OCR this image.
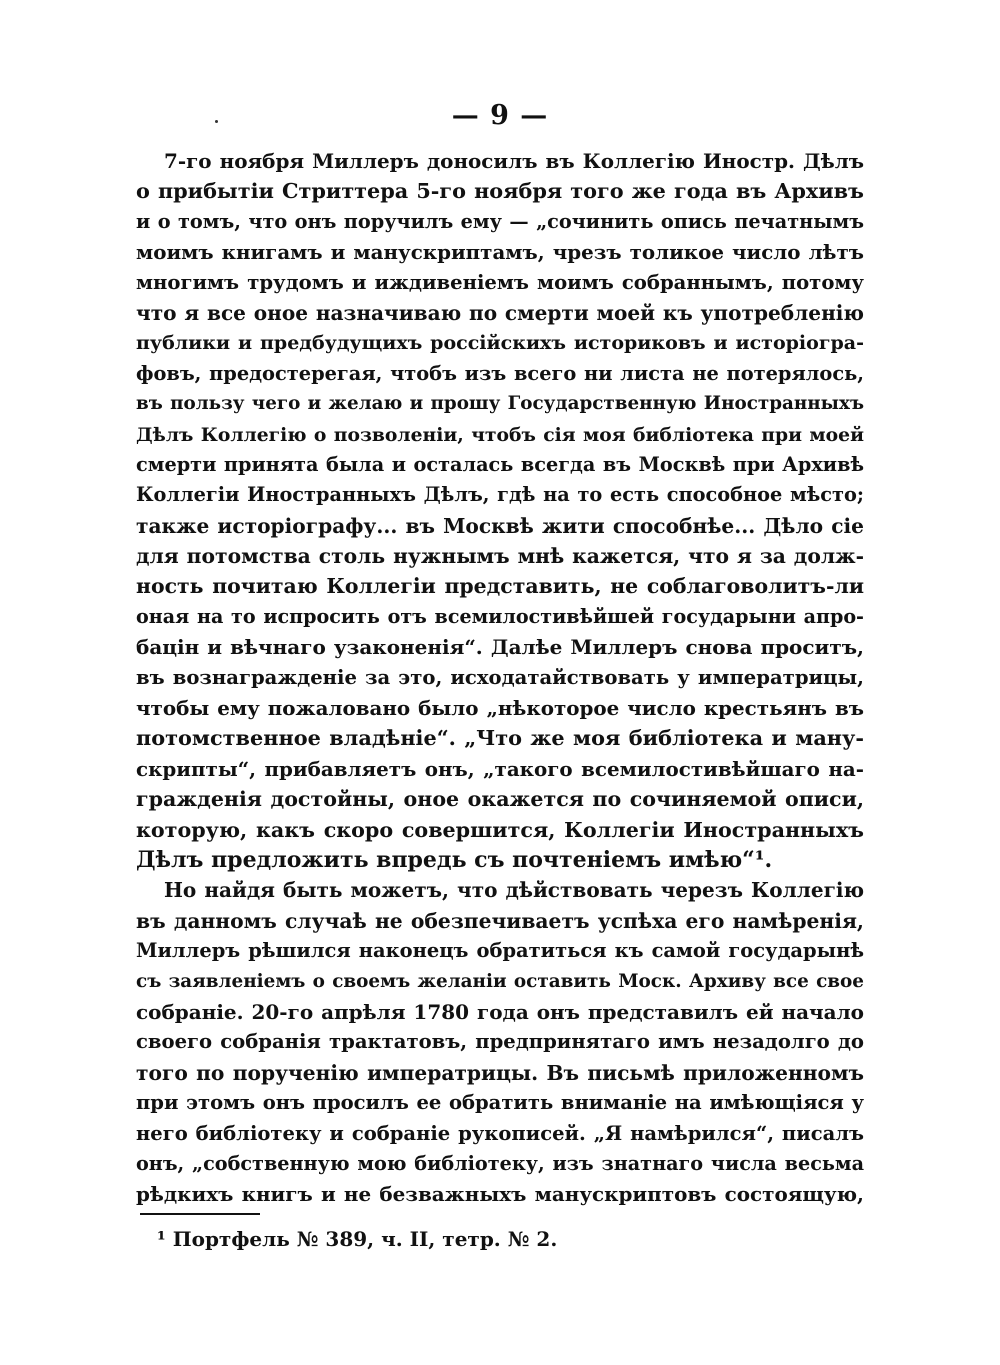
— 9 —
7-го ноября Миллеръ доносилъ въ Коллегію Иностр. Дѣлъ
о прибытіи Стриттера 5-го ноября того же года въ Архивъ
и о томъ, что онъ поручилъ ему — „сочинить опись печатнымъ
моимъ книгамъ и манускриптамъ, чрезъ толикое число лѣтъ
многимъ трудомъ и иждивеніемъ моимъ собраннымъ, потому
что я все оное назначиваю по смерти моей къ употребленію
публики и предбудущихъ россійскихъ историковъ и исторіогра-
фовъ, предостерегая, чтобъ изъ всего ни листа не потерялось,
въ пользу чего и желаю и прошу Государственную Иностранныхъ
Дѣлъ Коллегію о позволеніи, чтобъ сія моя библіотека при моей
смерти принята была и осталась всегда въ Москвѣ при Архивѣ
Коллегіи Иностранныхъ Дѣлъ, гдѣ на то есть способное мѣсто;
также исторіографу... въ Москвѣ жити способнѣе... Дѣло сіе
для потомства столь нужнымъ мнѣ кажется, что я за долж-
ность почитаю Коллегіи представить, не соблаговолитъ-ли
оная на то испросить отъ всемилостивѣйшей государыни апро-
бацін и вѣчнаго узаконенія“. Далѣе Миллеръ снова проситъ,
въ вознагражденіе за это, исходатайствовать у императрицы,
чтобы ему пожаловано было „нѣкоторое число крестьянъ въ
потомственное владѣніе“. „Что же моя библіотека и ману-
скрипты“, прибавляетъ онъ, „такого всемилостивѣйшаго на-
гражденія достойны, оное окажется по сочиняемой описи,
которую, какъ скоро совершится, Коллегіи Иностранныхъ
Дѣлъ предложить впредь съ почтеніемъ имѣю“¹.
Но найдя быть можетъ, что дѣйствовать черезъ Коллегію
въ данномъ случаѣ не обезпечиваетъ успѣха его намѣренія,
Миллеръ рѣшился наконецъ обратиться къ самой государынѣ
съ заявленіемъ о своемъ желаніи оставить Моск. Архиву все свое
собраніе. 20-го апрѣля 1780 года онъ представилъ ей начало
своего собранія трактатовъ, предпринятаго имъ незадолго до
того по порученію императрицы. Въ письмѣ приложенномъ
при этомъ онъ просилъ ее обратить вниманіе на имѣющіяся у
него библіотеку и собраніе рукописей. „Я намѣрился“, писалъ
онъ, „собственную мою библіотеку, изъ знатнаго числа весьма
рѣдкихъ книгъ и не безважныхъ манускриптовъ состоящую,
¹ Портфель № 389, ч. II, тетр. № 2.
